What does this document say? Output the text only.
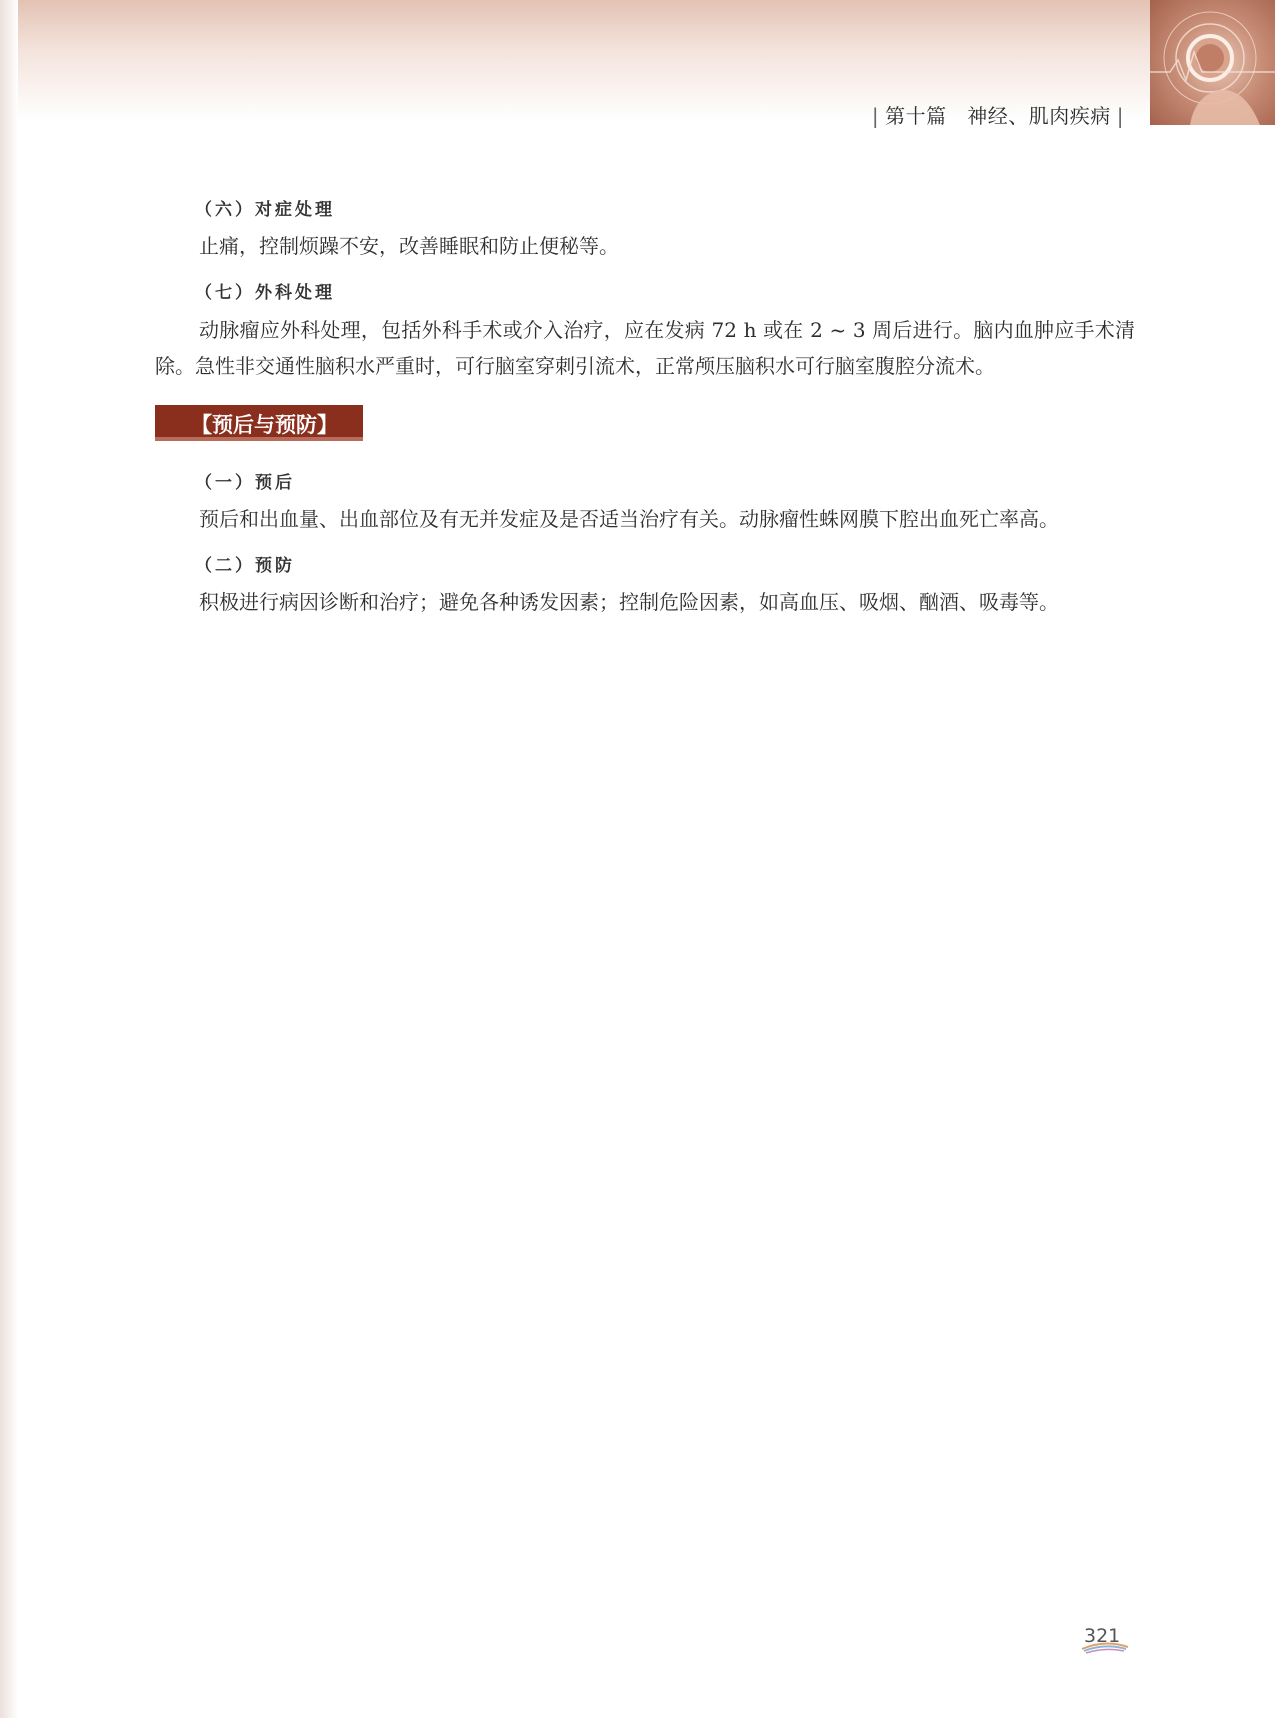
| 第十篇 神经、肌肉疾病 |
（六）对症处理
止痛，控制烦躁不安，改善睡眠和防止便秘等。
（七）外科处理
动脉瘤应外科处理，包括外科手术或介入治疗，应在发病 72 h 或在 2 ~ 3 周后进行。脑内血肿应手术清除。急性非交通性脑积水严重时，可行脑室穿刺引流术，正常颅压脑积水可行脑室腹腔分流术。
【预后与预防】
（一）预后
预后和出血量、出血部位及有无并发症及是否适当治疗有关。动脉瘤性蛛网膜下腔出血死亡率高。
（二）预防
积极进行病因诊断和治疗；避免各种诱发因素；控制危险因素，如高血压、吸烟、酗酒、吸毒等。
321
